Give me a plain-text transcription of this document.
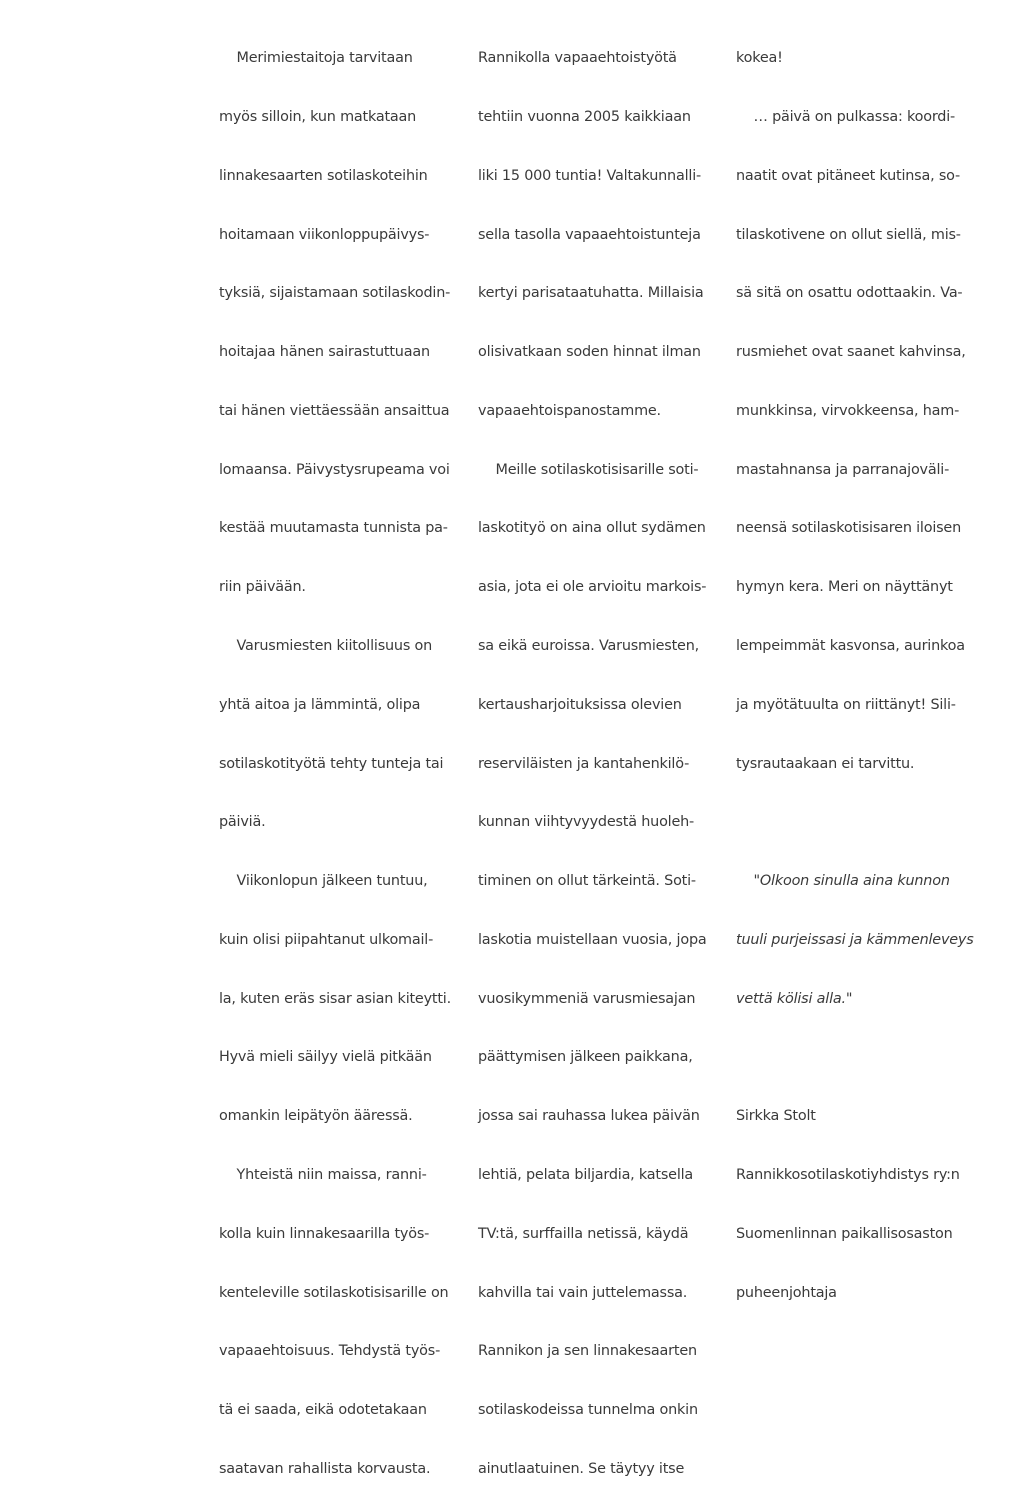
Merimiestaitoja tarvitaan

myös silloin, kun matkataan

linnakesaarten sotilaskoteihin

hoitamaan viikonloppupäivys-

tyksiä, sijaistamaan sotilaskodin-

hoitajaa hänen sairastuttuaan

tai hänen viettäessään ansaittua

lomaansa. Päivystysrupeama voi

kestää muutamasta tunnista pa-

riin päivään.

Varusmiesten kiitollisuus on

yhtä aitoa ja lämmintä, olipa

sotilaskotityötä tehty tunteja tai

päiviä.

Viikonlopun jälkeen tuntuu,

kuin olisi piipahtanut ulkomail-

la, kuten eräs sisar asian kiteytti.

Hyvä mieli säilyy vielä pitkään

omankin leipätyön ääressä.

Yhteistä niin maissa, ranni-

kolla kuin linnakesaarilla työs-

kenteleville sotilaskotisisarille on

vapaaehtoisuus. Tehdystä työs-

tä ei saada, eikä odotetakaan

saatavan rahallista korvausta.

Rannikolla vapaaehtoistyötä

tehtiin vuonna 2005 kaikkiaan

liki 15 000 tuntia! Valtakunnalli-

sella tasolla vapaaehtoistunteja

kertyi parisataatuhatta. Millaisia

olisivatkaan soden hinnat ilman

vapaaehtoispanostamme.

Meille sotilaskotisisarille soti-

laskotityö on aina ollut sydämen

asia, jota ei ole arvioitu markois-

sa eikä euroissa. Varusmiesten,

kertausharjoituksissa olevien

reserviläisten ja kantahenkilö-

kunnan viihtyvyydestä huoleh-

timinen on ollut tärkeintä. Soti-

laskotia muistellaan vuosia, jopa

vuosikymmeniä varusmiesajan

päättymisen jälkeen paikkana,

jossa sai rauhassa lukea päivän

lehtiä, pelata biljardia, katsella

TV:tä, surffailla netissä, käydä

kahvilla tai vain juttelemassa.

Rannikon ja sen linnakesaarten

sotilaskodeissa tunnelma onkin

ainutlaatuinen. Se täytyy itse

kokea!

… päivä on pulkassa: koordi-

naatit ovat pitäneet kutinsa, so-

tilaskotivene on ollut siellä, mis-

sä sitä on osattu odottaakin. Va-

rusmiehet ovat saanet kahvinsa,

munkkinsa, virvokkeensa, ham-

mastahnansa ja parranajoväli-

neensä sotilaskotisisaren iloisen

hymyn kera. Meri on näyttänyt

lempeimmät kasvonsa, aurinkoa

ja myötätuulta on riittänyt! Sili-

tysrautaakaan ei tarvittu.

"Olkoon sinulla aina kunnon

tuuli purjeissasi ja kämmenleveys

vettä kölisi alla."

Sirkka Stolt

Rannikkosotilaskotiyhdistys ry:n

Suomenlinnan paikallisosaston

puheenjohtaja
